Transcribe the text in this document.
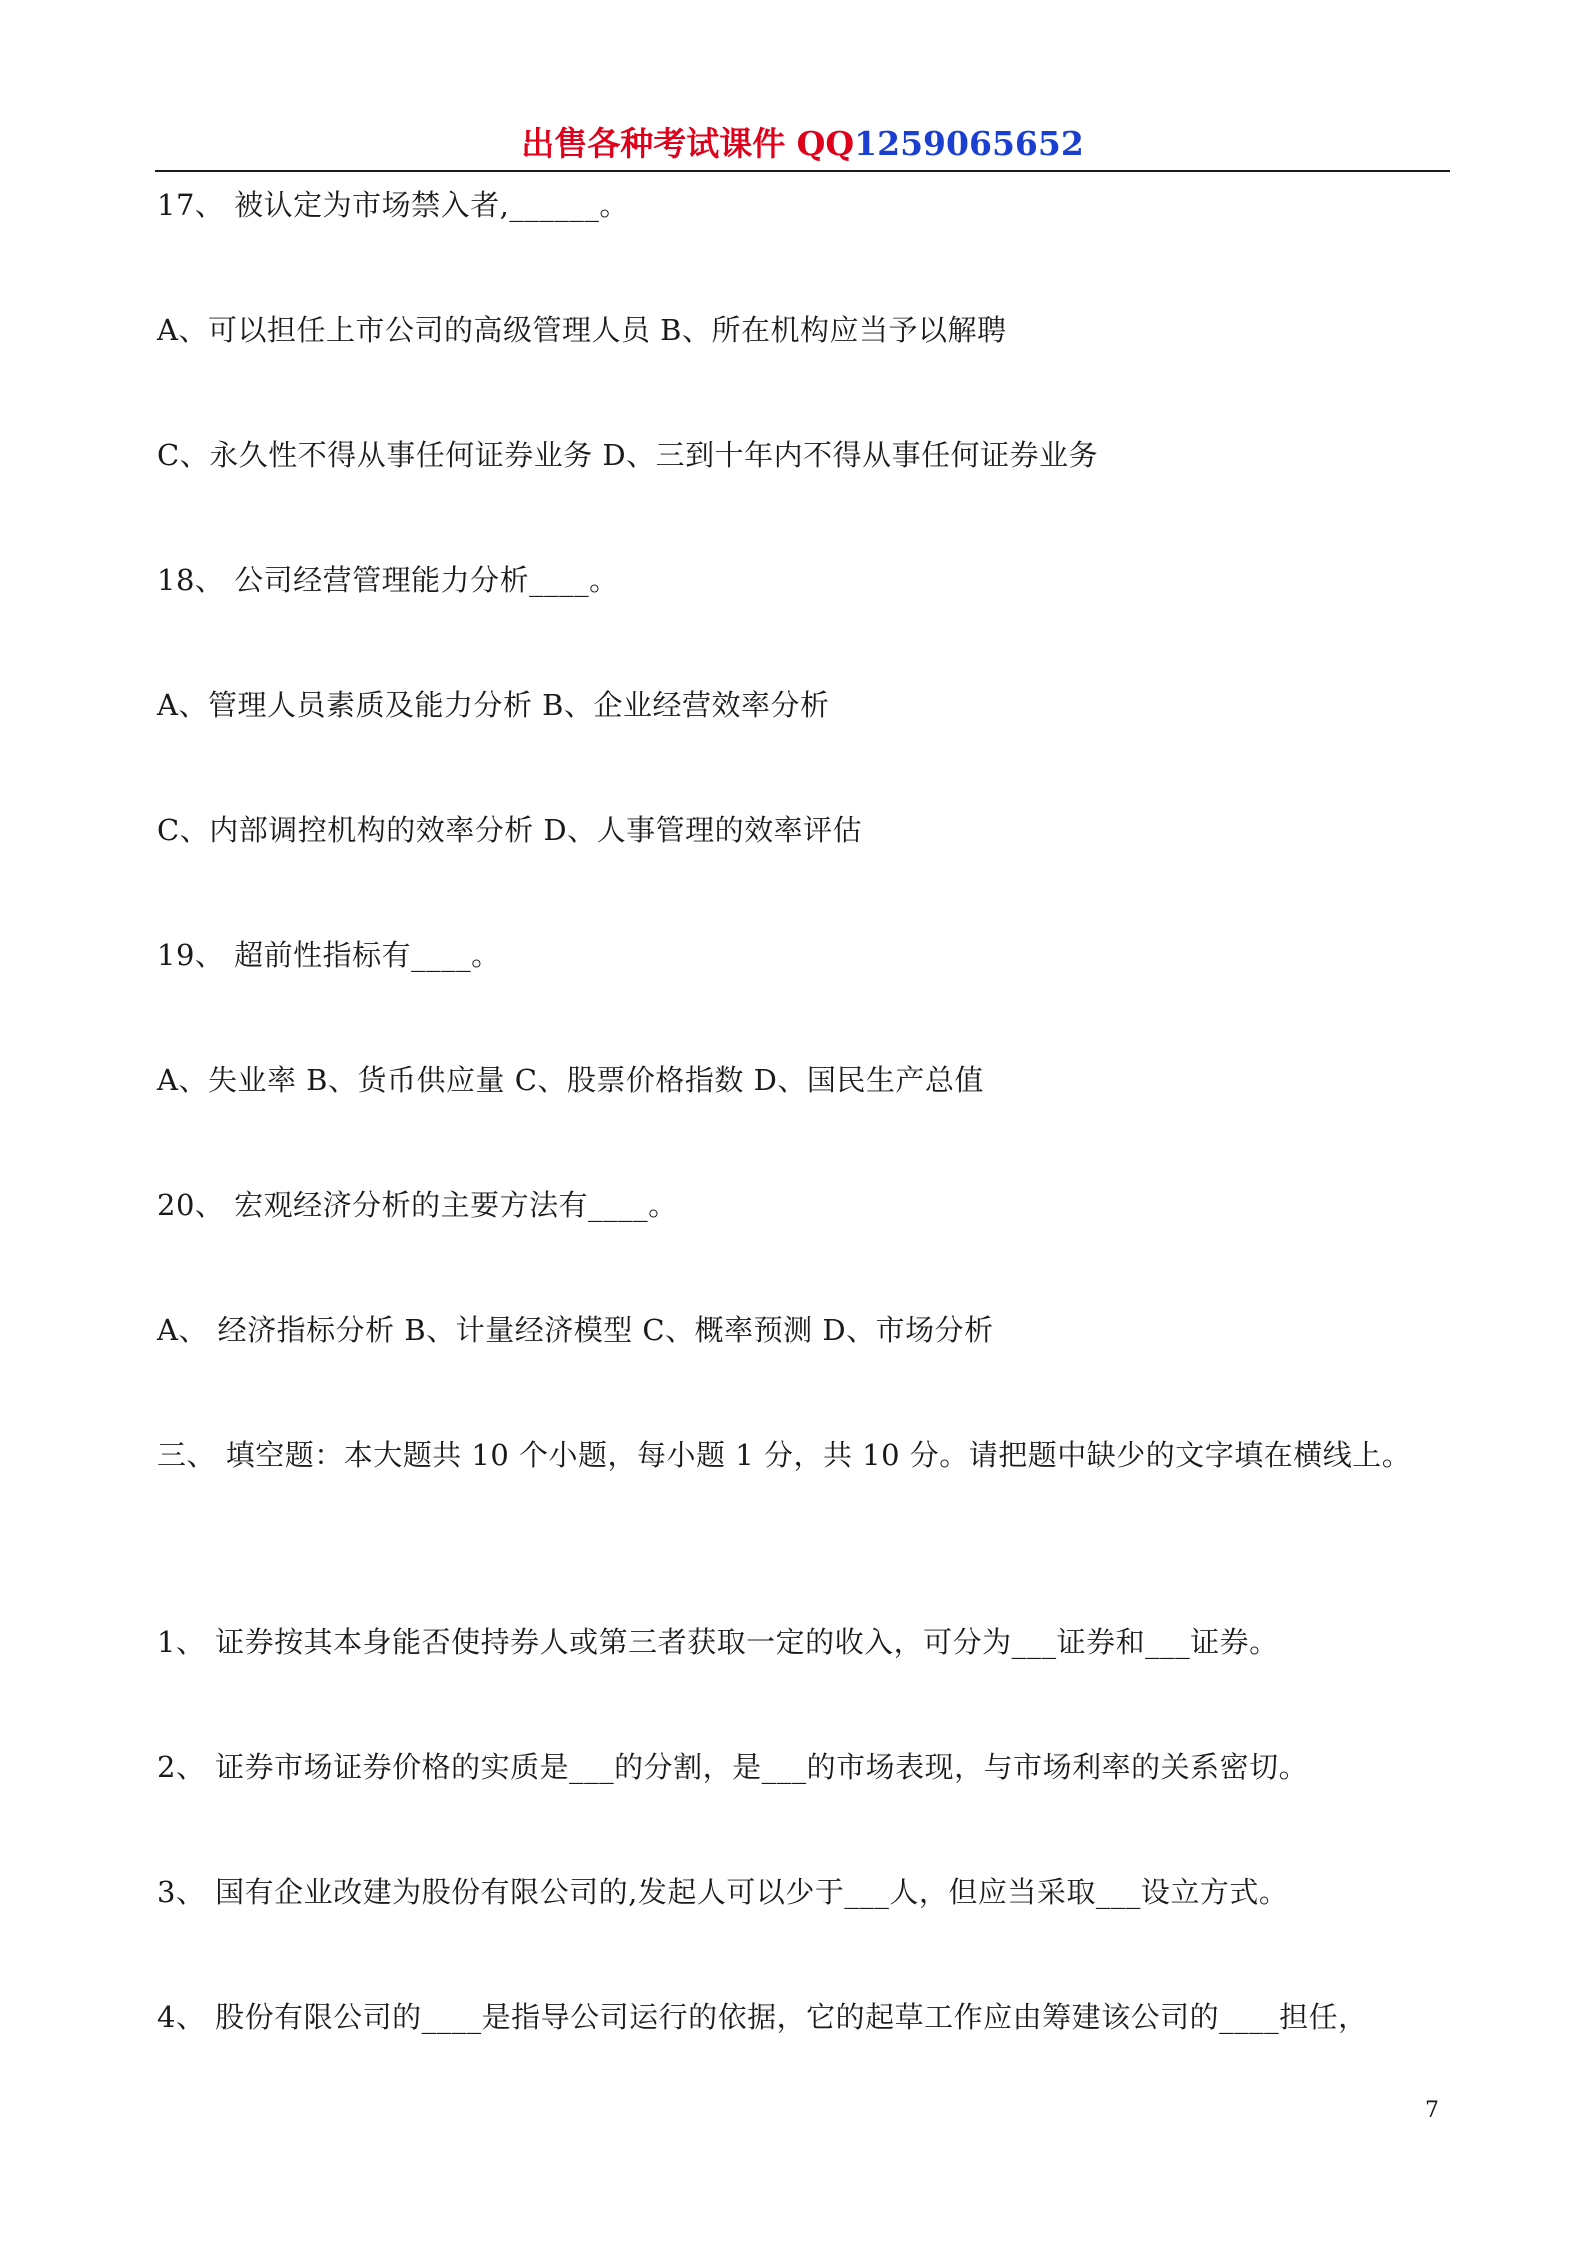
出售各种考试课件 QQ1259065652
17、 被认定为市场禁入者,______。
A、可以担任上市公司的高级管理人员 B、所在机构应当予以解聘
C、永久性不得从事任何证券业务 D、三到十年内不得从事任何证券业务
18、 公司经营管理能力分析____。
A、管理人员素质及能力分析 B、企业经营效率分析
C、内部调控机构的效率分析 D、人事管理的效率评估
19、 超前性指标有____。
A、失业率 B、货币供应量 C、股票价格指数 D、国民生产总值
20、 宏观经济分析的主要方法有____。
A、 经济指标分析 B、计量经济模型 C、概率预测 D、市场分析
三、 填空题：本大题共 10 个小题，每小题 1 分，共 10 分。请把题中缺少的文字填在横线上。
1、 证券按其本身能否使持券人或第三者获取一定的收入，可分为___证券和___证券。
2、 证券市场证券价格的实质是___的分割，是___的市场表现，与市场利率的关系密切。
3、 国有企业改建为股份有限公司的,发起人可以少于___人，但应当采取___设立方式。
4、 股份有限公司的____是指导公司运行的依据，它的起草工作应由筹建该公司的____担任，
7
